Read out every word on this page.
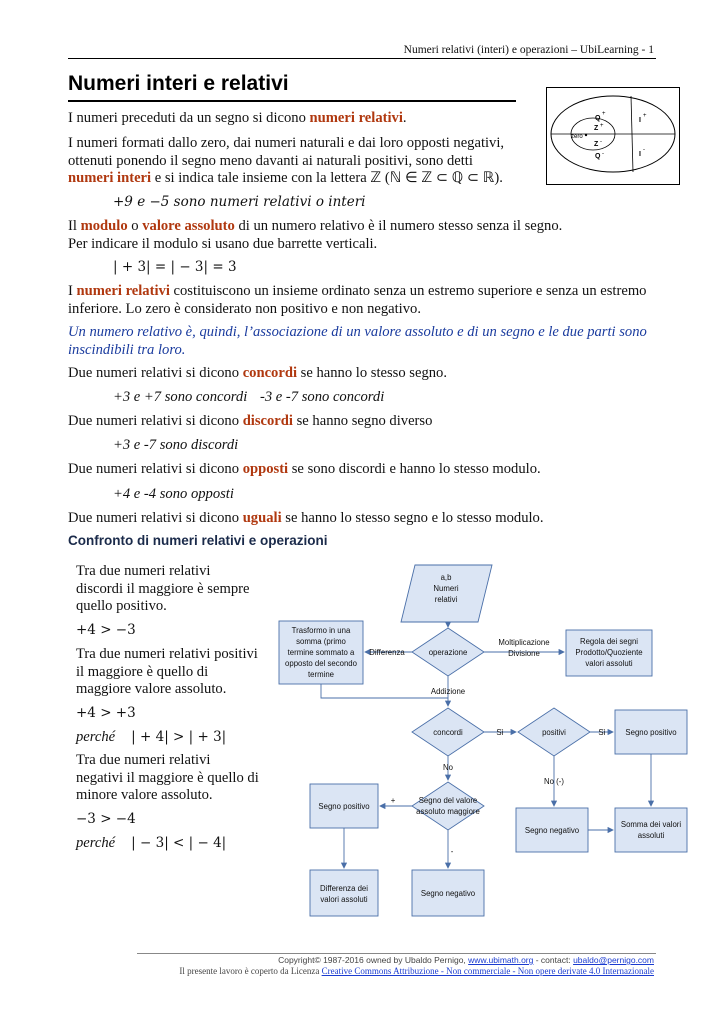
Numeri relativi (interi) e operazioni – UbiLearning - 1
Numeri interi e relativi
zero
Z
Z -
+
Q
+
Q -
I
+
I
-
I numeri preceduti da un segno si dicono numeri relativi.
I numeri formati dallo zero, dai numeri naturali e dai loro opposti negativi,
ottenuti ponendo il segno meno davanti ai naturali positivi, sono detti
numeri interi e si indica tale insieme con la lettera ℤ (ℕ ∈ ℤ ⊂ ℚ ⊂ ℝ).
+9 e −5 sono numeri relativi o interi
Il modulo o valore assoluto di un numero relativo è il numero stesso senza il segno.
Per indicare il modulo si usano due barrette verticali.
| + 3| = | − 3| = 3
I numeri relativi costituiscono un insieme ordinato senza un estremo superiore e senza un estremo
inferiore. Lo zero è considerato non positivo e non negativo.
Un numero relativo è, quindi, l’associazione di un valore assoluto e di un segno e le due parti sono
inscindibili tra loro.
Due numeri relativi si dicono concordi se hanno lo stesso segno.
+3 e +7 sono concordi -3 e -7 sono concordi
Due numeri relativi si dicono discordi se hanno segno diverso
+3 e -7 sono discordi
Due numeri relativi si dicono opposti se sono discordi e hanno lo stesso modulo.
+4 e -4 sono opposti
Due numeri relativi si dicono uguali se hanno lo stesso segno e lo stesso modulo.
Confronto di numeri relativi e operazioni
Tra due numeri relativi
discordi il maggiore è sempre
quello positivo.
+4 > −3
Tra due numeri relativi positivi
il maggiore è quello di
maggiore valore assoluto.
+4 > +3
perché | + 4| > | + 3|
Tra due numeri relativi
negativi il maggiore è quello di
minore valore assoluto.
−3 > −4
perché | − 3| < | − 4|
a,b
Numeri
relativi
operazione
Differenza
Moltiplicazione
Divisione
Addizione
Trasformo in una
somma (primo
termine sommato a
opposto del secondo
termine
Regola dei segni
Prodotto/Quoziente
valori assoluti
concordi	Sì	positivi	Sì	Segno positivo
No
No (-)
Segno del valore
assoluto maggiore
+
-
Segno positivo
Segno negativo
Somma dei valori
assoluti
Differenza dei
valori assoluti
Segno negativo
Copyright© 1987-2016 owned by Ubaldo Pernigo, www.ubimath.org - contact: ubaldo@pernigo.com
Il presente lavoro è coperto da Licenza Creative Commons Attribuzione - Non commerciale - Non opere derivate 4.0 Internazionale
